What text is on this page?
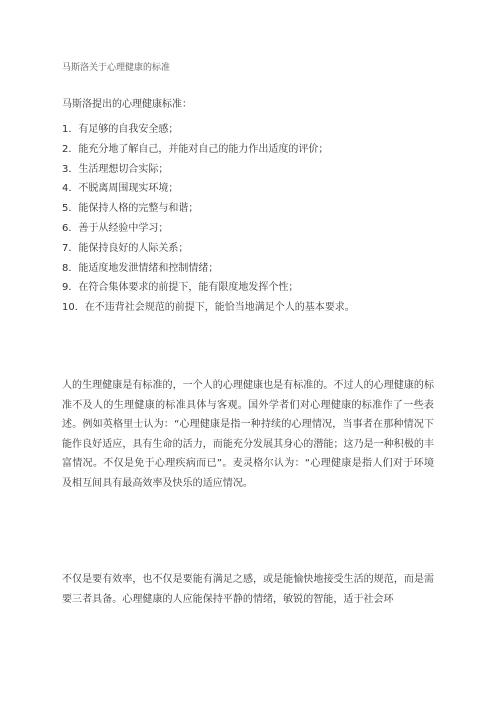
马斯洛关于心理健康的标准
马斯洛提出的心理健康标准：
1．有足够的自我安全感；
2．能充分地了解自己，并能对自己的能力作出适度的评价；
3．生活理想切合实际；
4．不脱离周围现实环境；
5．能保持人格的完整与和谐；
6．善于从经验中学习；
7．能保持良好的人际关系；
8．能适度地发泄情绪和控制情绪；
9．在符合集体要求的前提下，能有限度地发挥个性；
10．在不违背社会规范的前提下，能恰当地满足个人的基本要求。

人的生理健康是有标准的，一个人的心理健康也是有标准的。不过人的心理健康的标准不及人的生理健康的标准具体与客观。国外学者们对心理健康的标准作了一些表述。例如英格里士认为：“心理健康是指一种持续的心理情况，当事者在那种情况下能作良好适应，具有生命的活力，而能充分发展其身心的潜能；这乃是一种积极的丰富情况。不仅是免于心理疾病而已”。麦灵格尔认为：“心理健康是指人们对于环境及相互间具有最高效率及快乐的适应情况。

不仅是要有效率，也不仅是要能有满足之感，或是能愉快地接受生活的规范，而是需要三者具备。心理健康的人应能保持平静的情绪，敏锐的智能，适于社会环
